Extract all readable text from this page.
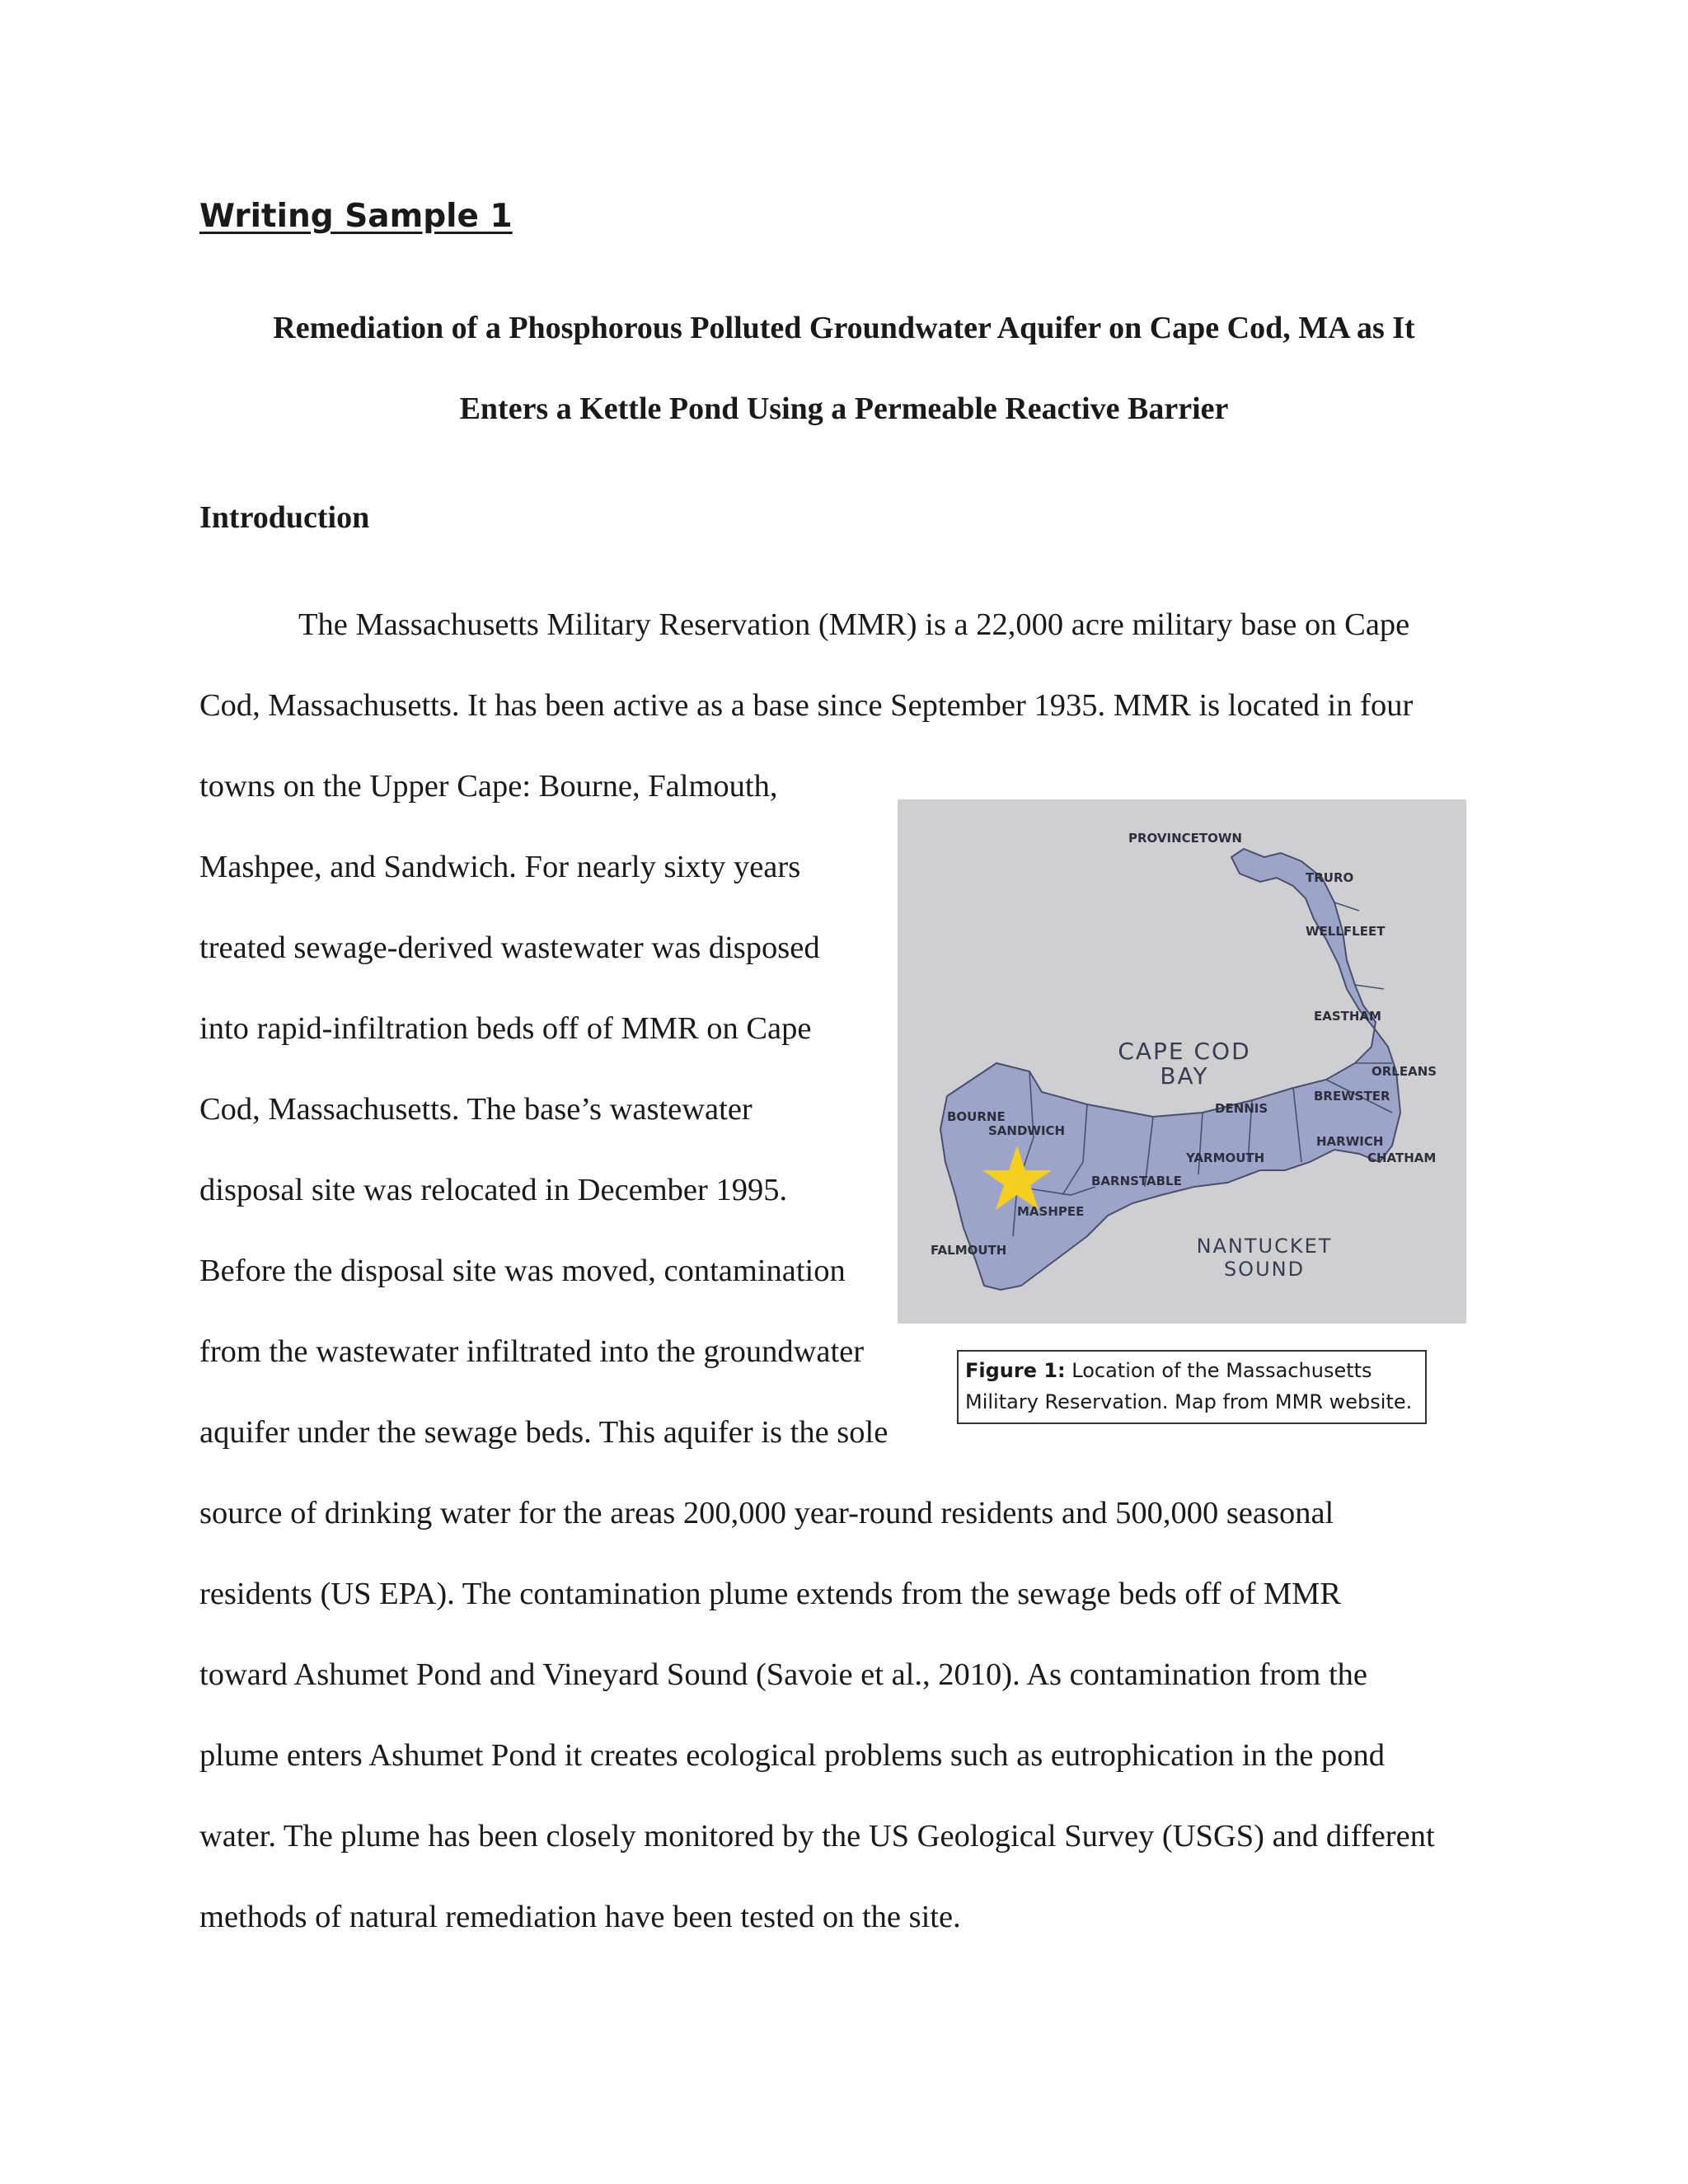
Writing Sample 1

Remediation of a Phosphorous Polluted Groundwater Aquifer on Cape Cod, MA as It

Enters a Kettle Pond Using a Permeable Reactive Barrier

Introduction

The Massachusetts Military Reservation (MMR) is a 22,000 acre military base on Cape

Cod, Massachusetts. It has been active as a base since September 1935. MMR is located in four

towns on the Upper Cape: Bourne, Falmouth,

Mashpee, and Sandwich. For nearly sixty years

treated sewage-derived wastewater was disposed

into rapid-infiltration beds off of MMR on Cape

Cod, Massachusetts. The base’s wastewater

disposal site was relocated in December 1995.

Before the disposal site was moved, contamination

from the wastewater infiltrated into the groundwater

aquifer under the sewage beds. This aquifer is the sole

source of drinking water for the areas 200,000 year-round residents and 500,000 seasonal

residents (US EPA). The contamination plume extends from the sewage beds off of MMR

toward Ashumet Pond and Vineyard Sound (Savoie et al., 2010). As contamination from the

plume enters Ashumet Pond it creates ecological problems such as eutrophication in the pond

water. The plume has been closely monitored by the US Geological Survey (USGS) and different

methods of natural remediation have been tested on the site.

PROVINCETOWN
TRURO
WELLFLEET
EASTHAM
ORLEANS
BREWSTER
DENNIS
HARWICH
CHATHAM
YARMOUTH
BARNSTABLE
MASHPEE
SANDWICH
BOURNE
FALMOUTH
CAPE COD
BAY
NANTUCKET
SOUND
Figure 1: Location of the Massachusetts Military Reservation. Map from MMR website.
